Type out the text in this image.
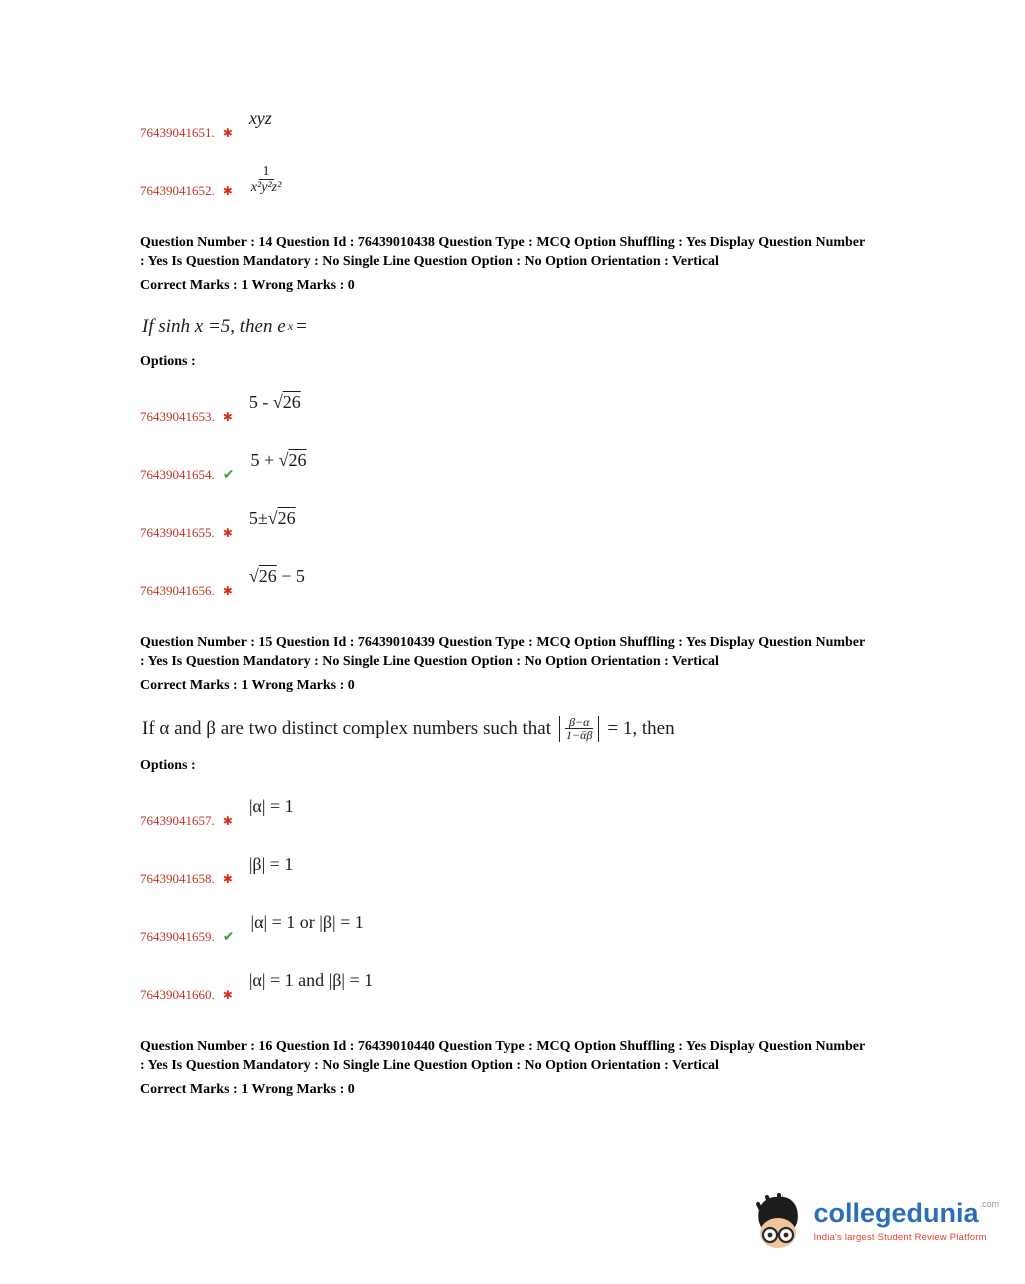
76439041651. ✱
xyz
76439041652. ✱ $\frac{1}{\text{x²y²z²}}$
Question Number : 14 Question Id : 76439010438 Question Type : MCQ Option Shuffling : Yes Display Question Number
: Yes Is Question Mandatory : No Single Line Question Option : No Option Orientation : Vertical
Correct Marks : 1 Wrong Marks : 0
If sinh x =5, then e x =
Options :
76439041653. ✱
5 - √26
76439041654. ✔
5 + √26
76439041655. ✱
5±√26
76439041656. ✱
√26 − 5
Question Number : 15 Question Id : 76439010439 Question Type : MCQ Option Shuffling : Yes Display Question Number
: Yes Is Question Mandatory : No Single Line Question Option : No Option Orientation : Vertical
Correct Marks : 1 Wrong Marks : 0
If α and β are two distinct complex numbers such that $\frac{\beta-\alpha}{\text{1−ᾱβ}} = 1$, then
Options :
76439041657. ✱
|α| = 1
76439041658. ✱
|β| = 1
76439041659. ✔
|α| = 1 or |β| = 1
76439041660. ✱
|α| = 1 and |β| = 1
Question Number : 16 Question Id : 76439010440 Question Type : MCQ Option Shuffling : Yes Display Question Number
: Yes Is Question Mandatory : No Single Line Question Option : No Option Orientation : Vertical
Correct Marks : 1 Wrong Marks : 0
collegedunia$^{.com}$
India's largest Student Review Platform
